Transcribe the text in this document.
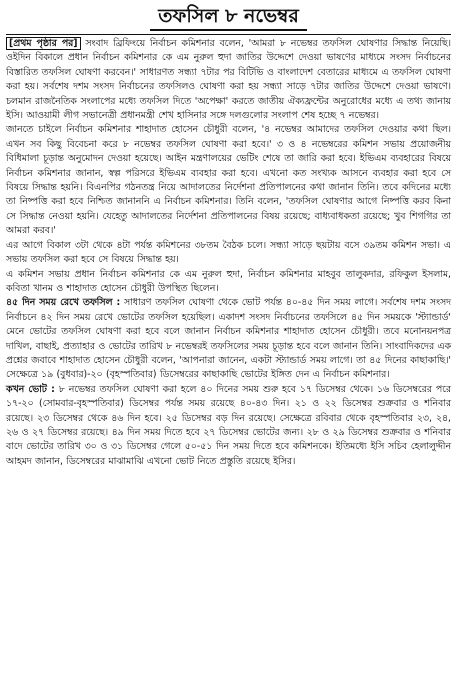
তফসিল ৮ নভেম্বর

[প্রথম পৃষ্ঠার পর] সংবাদ ব্রিফিংয়ে নির্বাচন কমিশনার বলেন, 'আমরা ৮ নভেম্বর তফসিল ঘোষণার সিদ্ধান্ত নিয়েছি। ওইদিন বিকালে প্রধান নির্বাচন কমিশনার কে এম নুরুল হুদা জাতির উদ্দেশে দেওয়া ভাষণের মাধ্যমে সংসদ নির্বাচনের বিস্তারিত তফসিল ঘোষণা করবেন।' সাধারণত সন্ধ্যা ৭টার পর বিটিভি ও বাংলাদেশ বেতারের মাধ্যমে এ তফসিল ঘোষণা করা হয়। সর্বশেষ দশম সংসদ নির্বাচনের তফসিলও ঘোষণা করা হয় সন্ধ্যা সাড়ে ৭টার জাতির উদ্দেশে দেওয়া ভাষণে। চলমান রাজনৈতিক সংলাপের মধ্যে তফসিল দিতে 'অপেক্ষা' করতে জাতীয় ঐক্যফ্রন্টের অনুরোধের মধ্যে এ তথ্য জানায় ইসি। আওয়ামী লীগ সভানেত্রী প্রধানমন্ত্রী শেখ হাসিনার সঙ্গে দলগুলোর সংলাপ শেষ হচ্ছে ৭ নভেম্বর।

জানতে চাইলে নির্বাচন কমিশনার শাহাদাত হোসেন চৌধুরী বলেন, '৪ নভেম্বর আমাদের তফসিল দেওয়ার কথা ছিল। এখন সব কিছু বিবেচনা করে ৮ নভেম্বর তফসিল ঘোষণা করা হবে।' ৩ ও ৪ নভেম্বরের কমিশন সভায় প্রয়োজনীয় বিধিমালা চূড়ান্ত অনুমোদন দেওয়া হয়েছে। আইন মন্ত্রণালয়ের ভেটিং শেষে তা জারি করা হবে। ইভিএম ব্যবহারের বিষয়ে নির্বাচন কমিশনার জানান, স্বল্প পরিসরে ইভিএম ব্যবহার করা হবে। এখনো কত সংখ্যক আসনে ব্যবহার করা হবে সে বিষয়ে সিদ্ধান্ত হয়নি। বিএনপির গঠনতন্ত্র নিয়ে আদালতের নির্দেশনা প্রতিপালনের কথা জানান তিনি। তবে কদিনের মধ্যে তা নিষ্পত্তি করা হবে নিশ্চিত জানাননি এ নির্বাচন কমিশনার। তিনি বলেন, 'তফসিল ঘোষণার আগে নিষ্পত্তি করব কিনা সে সিদ্ধান্ত নেওয়া হয়নি। যেহেতু আদালতের নির্দেশনা প্রতিপালনের বিষয় রয়েছে; বাধ্যবাধকতা রয়েছে; খুব শিগগির তা আমরা করব।'

এর আগে বিকাল ৩টা থেকে ৪টা পর্যন্ত কমিশনের ৩৮তম বৈঠক চলে। সন্ধ্যা সাড়ে ছয়টায় বসে ৩৯তম কমিশন সভা। এ সভায় তফসিল করা হবে সে বিষয়ে সিদ্ধান্ত হয়।

এ কমিশন সভায় প্রধান নির্বাচন কমিশনার কে এম নুরুল হুদা, নির্বাচন কমিশনার মাহবুব তালুকদার, রফিকুল ইসলাম, কবিতা খানম ও শাহাদাত হোসেন চৌধুরী উপস্থিত ছিলেন।

৪৫ দিন সময় রেখে তফসিল : সাধারণ তফসিল ঘোষণা থেকে ভোট পর্যন্ত ৪০-৪৫ দিন সময় লাগে। সর্বশেষ দশম সংসদ নির্বাচনে ৪২ দিন সময় রেখে ভোটের তফসিল হয়েছিল। একাদশ সংসদ নির্বাচনের তফসিলে ৪৫ দিন সময়কে 'স্ট্যান্ডার্ড' মেনে ভোটের তফসিল ঘোষণা করা হবে বলে জানান নির্বাচন কমিশনার শাহাদাত হোসেন চৌধুরী। তবে মনোনয়নপত্র দাখিল, বাছাই, প্রত্যাহার ও ভোটের তারিখ ৮ নভেম্বরই তফসিলের সময় চূড়ান্ত হবে বলে জানান তিনি। সাংবাদিকদের এক প্রশ্নের জবাবে শাহাদাত হোসেন চৌধুরী বলেন, 'আপনারা জানেন, একটা স্ট্যান্ডার্ড সময় লাগে। তা ৪৫ দিনের কাছাকাছি।' সেক্ষেত্রে ১৯ (বুধবার)-২০ (বৃহস্পতিবার) ডিসেম্বরের কাছাকাছি ভোটের ইঙ্গিত দেন এ নির্বাচন কমিশনার।

কখন ভোট : ৮ নভেম্বর তফসিল ঘোষণা করা হলে ৪০ দিনের সময় শুরু হবে ১৭ ডিসেম্বর থেকে। ১৬ ডিসেম্বরের পরে ১৭-২০ (সোমবার-বৃহস্পতিবার) ডিসেম্বর পর্যন্ত সময় রয়েছে ৪০-৪৩ দিন। ২১ ও ২২ ডিসেম্বর শুক্রবার ও শনিবার রয়েছে। ২৩ ডিসেম্বর থেকে ৪৬ দিন হবে। ২৫ ডিসেম্বর বড় দিন রয়েছে। সেক্ষেত্রে রবিবার থেকে বৃহস্পতিবার ২৩, ২৪, ২৬ ও ২৭ ডিসেম্বর রয়েছে। ৪৯ দিন সময় দিতে হবে ২৭ ডিসেম্বর ভোটের জন্য। ২৮ ও ২৯ ডিসেম্বর শুক্রবার ও শনিবার বাদে ভোটের তারিখ ৩০ ও ৩১ ডিসেম্বর গেলে ৫০-৫১ দিন সময় দিতে হবে কমিশনকে। ইতিমধ্যে ইসি সচিব হেলালুদ্দীন আহমদ জানান, ডিসেম্বরের মাঝামাঝি এখনো ভোট নিতে প্রস্তুতি রয়েছে ইসির।
